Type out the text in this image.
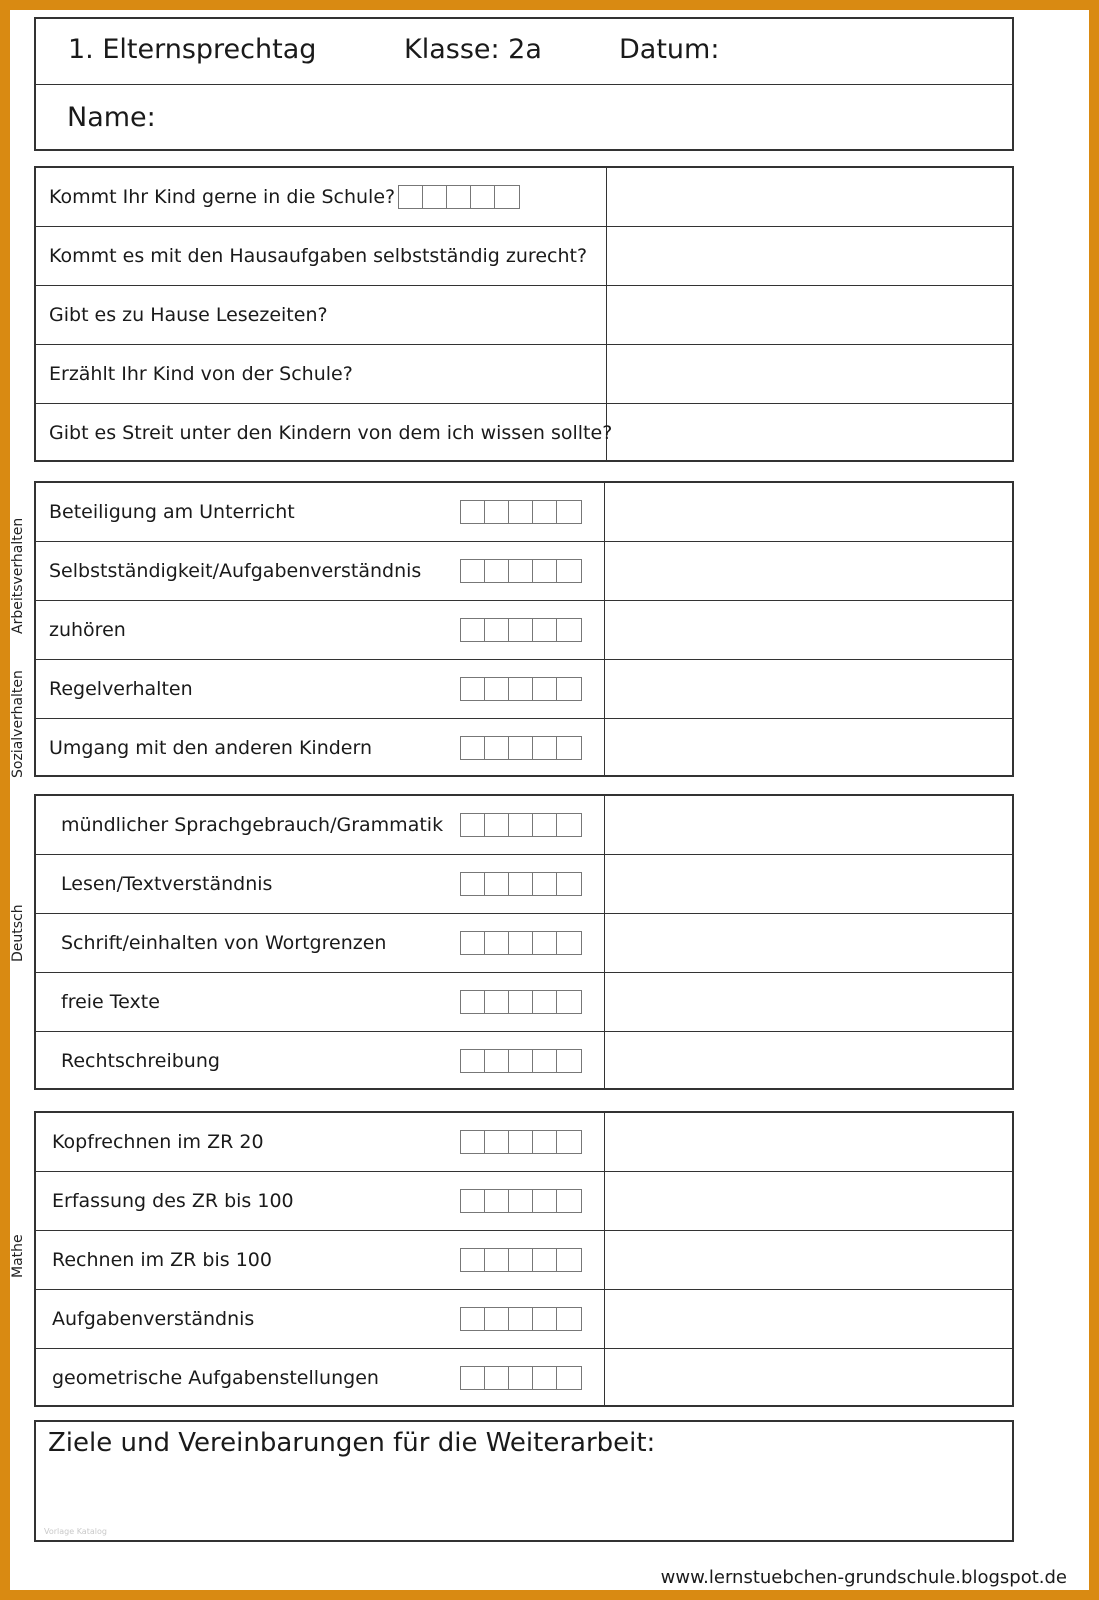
1. Elternsprechtag	Klasse: 2a	Datum:
Name:
Kommt Ihr Kind gerne in die Schule?
Kommt es mit den Hausaufgaben selbstständig zurecht?
Gibt es zu Hause Lesezeiten?
Erzählt Ihr Kind von der Schule?
Gibt es Streit unter den Kindern von dem ich wissen sollte?
Beteiligung am Unterricht
Selbstständigkeit/Aufgabenverständnis
zuhören
Regelverhalten
Umgang mit den anderen Kindern
mündlicher Sprachgebrauch/Grammatik
Lesen/Textverständnis
Schrift/einhalten von Wortgrenzen
freie Texte
Rechtschreibung
Kopfrechnen im ZR 20
Erfassung des ZR bis 100
Rechnen im ZR bis 100
Aufgabenverständnis
geometrische Aufgabenstellungen
Ziele und Vereinbarungen für die Weiterarbeit:
Vorlage Katalog
Arbeitsverhalten
Sozialverhalten
Deutsch
Mathe
www.lernstuebchen-grundschule.blogspot.de
